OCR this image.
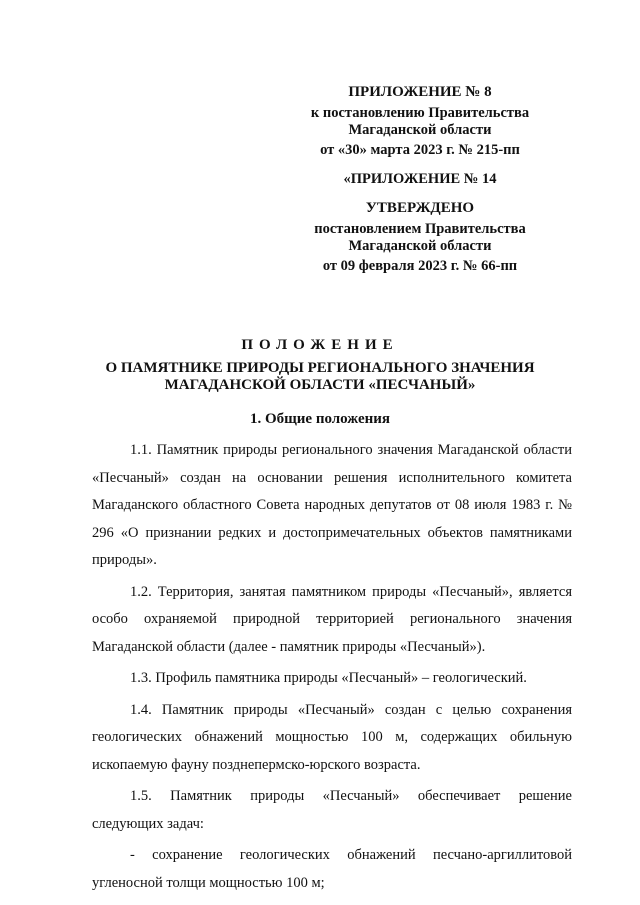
ПРИЛОЖЕНИЕ № 8
к постановлению Правительства
Магаданской области
от «30» марта 2023 г. № 215-пп
«ПРИЛОЖЕНИЕ № 14
УТВЕРЖДЕНО
постановлением Правительства
Магаданской области
от 09 февраля 2023 г. № 66-пп
ПОЛОЖЕНИЕ
О ПАМЯТНИКЕ ПРИРОДЫ РЕГИОНАЛЬНОГО ЗНАЧЕНИЯ
МАГАДАНСКОЙ ОБЛАСТИ «ПЕСЧАНЫЙ»
1. Общие положения

1.1. Памятник природы регионального значения Магаданской области «Песчаный» создан на основании решения исполнительного комитета Магаданского областного Совета народных депутатов от 08 июля 1983 г. № 296 «О признании редких и достопримечательных объектов памятниками природы».

1.2. Территория, занятая памятником природы «Песчаный», является особо охраняемой природной территорией регионального значения Магаданской области (далее - памятник природы «Песчаный»).

1.3. Профиль памятника природы «Песчаный» – геологический.

1.4. Памятник природы «Песчаный» создан с целью сохранения геологических обнажений мощностью 100 м, содержащих обильную ископаемую фауну позднепермско-юрского возраста.

1.5. Памятник природы «Песчаный» обеспечивает решение следующих задач:

- сохранение геологических обнажений песчано-аргиллитовой угленосной толщи мощностью 100 м;
